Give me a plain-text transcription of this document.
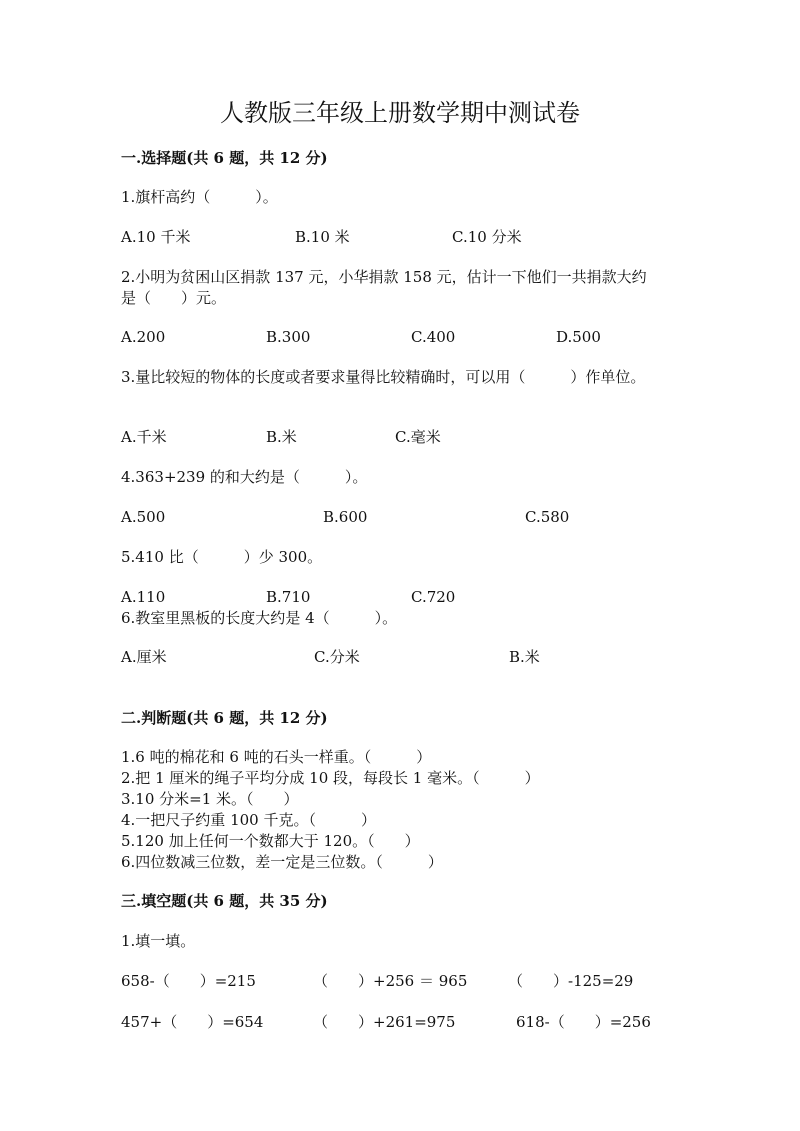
人教版三年级上册数学期中测试卷
一.选择题(共 6 题，共 12 分)
1.旗杆高约（　　　）。
A.10 千米	B.10 米	C.10 分米
2.小明为贫困山区捐款 137 元，小华捐款 158 元，估计一下他们一共捐款大约
是（　　）元。
A.200	B.300	C.400	D.500
3.量比较短的物体的长度或者要求量得比较精确时，可以用（　　　）作单位。
A.千米	B.米	C.毫米
4.363+239 的和大约是（　　　）。
A.500	B.600	C.580
5.410 比（　　　）少 300。
A.110	B.710	C.720
6.教室里黑板的长度大约是 4（　　　）。
A.厘米	C.分米	B.米
二.判断题(共 6 题，共 12 分)
1.6 吨的棉花和 6 吨的石头一样重。（　　　）
2.把 1 厘米的绳子平均分成 10 段，每段长 1 毫米。（　　　）
3.10 分米=1 米。（　　）
4.一把尺子约重 100 千克。（　　　）
5.120 加上任何一个数都大于 120。（　　）
6.四位数减三位数，差一定是三位数。（　　　）
三.填空题(共 6 题，共 35 分)
1.填一填。
658-（　　）=215	（　　）+256 ＝ 965	（　　）-125=29
457+（　　）=654	（　　）+261=975	618-（　　）=256
